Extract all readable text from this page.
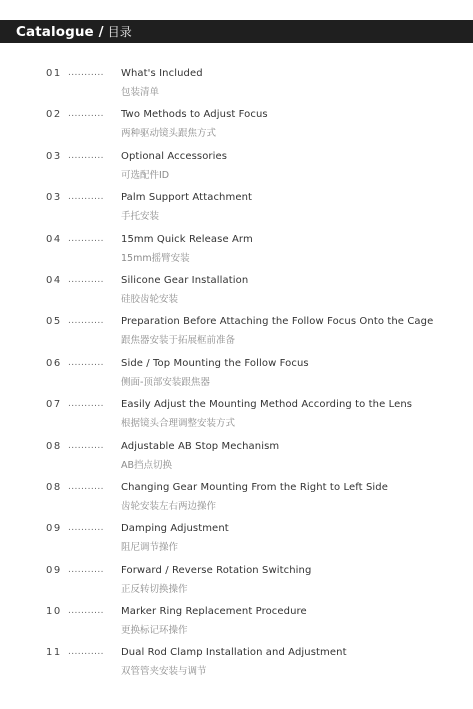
Catalogue / 目录
01 ........... What's Included
包装清单
02 ........... Two Methods to Adjust Focus
两种驱动镜头跟焦方式
03 ........... Optional Accessories
可选配件ID
03 ........... Palm Support Attachment
手托安装
04 ........... 15mm Quick Release Arm
15mm摇臂安装
04 ........... Silicone Gear Installation
硅胶齿轮安装
05 ........... Preparation Before Attaching the Follow Focus Onto the Cage
跟焦器安装于拓展框前准备
06 ........... Side / Top Mounting the Follow Focus
侧面-顶部安装跟焦器
07 ........... Easily Adjust the Mounting Method According to the Lens
根据镜头合理调整安装方式
08 ........... Adjustable AB Stop Mechanism
AB挡点切换
08 ........... Changing Gear Mounting From the Right to Left Side
齿轮安装左右两边操作
09 ........... Damping Adjustment
阻尼调节操作
09 ........... Forward / Reverse Rotation Switching
正反转切换操作
10 ........... Marker Ring Replacement Procedure
更换标记环操作
11 ........... Dual Rod Clamp Installation and Adjustment
双管管夹安装与调节
